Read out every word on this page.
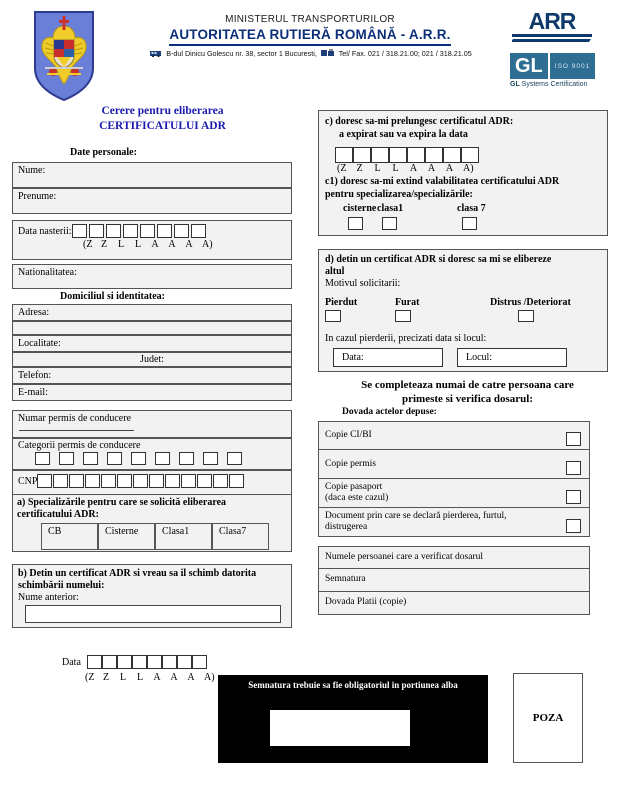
MINISTERUL TRANSPORTURILOR
AUTORITATEA RUTIERĂ ROMÂNĂ - A.R.R.
B-dul Dinicu Golescu nr. 38, sector 1 Bucuresti,	Tel/ Fax. 021 / 318.21.00; 021 / 318.21.05
ARR
GL	ISO 9001
GL Systems Certification
Cerere pentru eliberarea
CERTIFICATULUI ADR
Date personale:
Nume:
Prenume:
Data nasterii:
(Z Z L L A A A A)
Nationalitatea:
Domiciliul si identitatea:
Adresa:
Localitate:
Judet:
Telefon:
E-mail:
Numar permis de conducere
Categorii permis de conducere
CNP
a) Specializările pentru care se solicită eliberarea
certificatului ADR:
CB	Cisterne	Clasa1	Clasa7
b) Detin un certificat ADR si vreau sa il schimb datorita
schimbării numelui:
Nume anterior:
Data
(Z Z L L A A A A)
c) doresc sa-mi prelungesc certificatul ADR:
a expirat sau va expira la data
(Z Z L L A A A A)
c1) doresc sa-mi extind valabilitatea certificatului ADR
pentru specializarea/specializările:
cisterne clasa1	clasa 7
d) detin un certificat ADR si doresc sa mi se elibereze
altul
Motivul solicitarii:
Pierdut	Furat	Distrus /Deteriorat
In cazul pierderii, precizati data si locul:
Data:	Locul:
Se completeaza numai de catre persoana care
primeste si verifica dosarul:
Dovada actelor depuse:
Copie CI/BI
Copie permis
Copie pasaport
(daca este cazul)
Document prin care se declară pierderea, furtul,
distrugerea
Numele persoanei care a verificat dosarul
Semnatura
Dovada Platii (copie)
Semnatura trebuie sa fie obligatoriul in portiunea alba
POZA
